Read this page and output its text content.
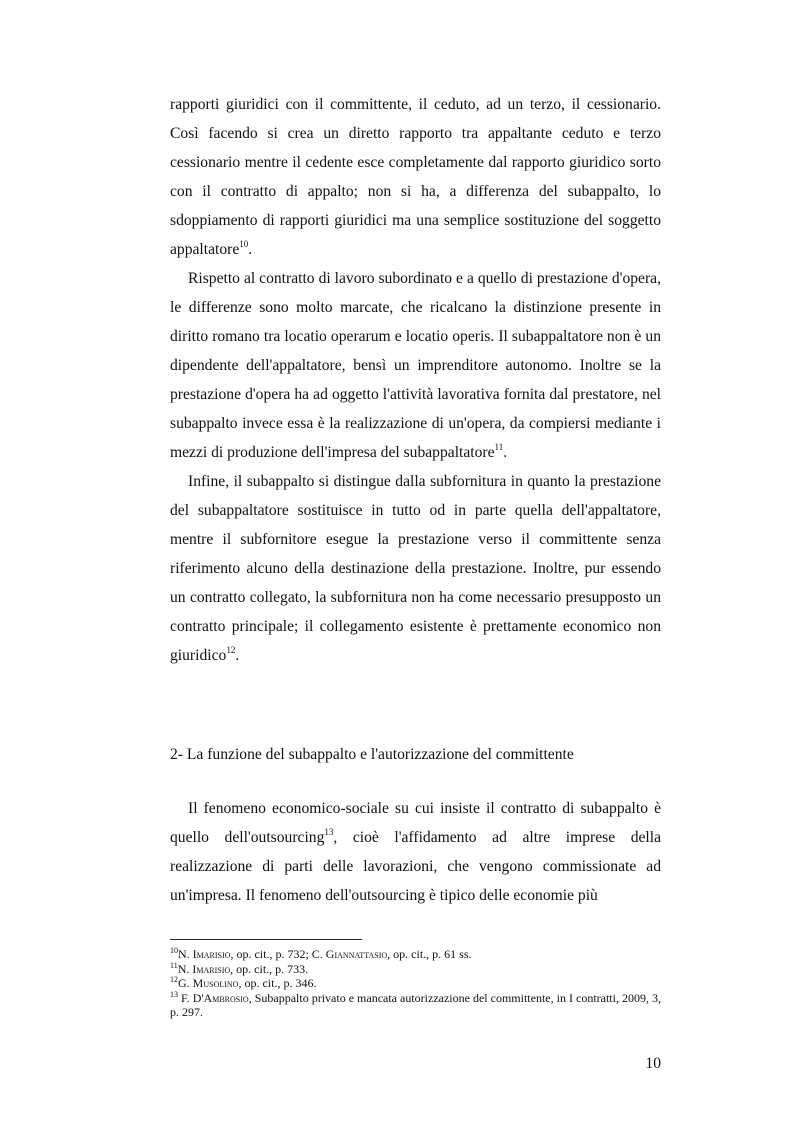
rapporti giuridici con il committente, il ceduto, ad un terzo, il cessionario. Così facendo si crea un diretto rapporto tra appaltante ceduto e terzo cessionario mentre il cedente esce completamente dal rapporto giuridico sorto con il contratto di appalto; non si ha, a differenza del subappalto, lo sdoppiamento di rapporti giuridici ma una semplice sostituzione del soggetto appaltatore$^{10}$.

Rispetto al contratto di lavoro subordinato e a quello di prestazione d'opera, le differenze sono molto marcate, che ricalcano la distinzione presente in diritto romano tra locatio operarum e locatio operis. Il subappaltatore non è un dipendente dell'appaltatore, bensì un imprenditore autonomo. Inoltre se la prestazione d'opera ha ad oggetto l'attività lavorativa fornita dal prestatore, nel subappalto invece essa è la realizzazione di un'opera, da compiersi mediante i mezzi di produzione dell'impresa del subappaltatore$^{11}$.

Infine, il subappalto si distingue dalla subfornitura in quanto la prestazione del subappaltatore sostituisce in tutto od in parte quella dell'appaltatore, mentre il subfornitore esegue la prestazione verso il committente senza riferimento alcuno della destinazione della prestazione. Inoltre, pur essendo un contratto collegato, la subfornitura non ha come necessario presupposto un contratto principale; il collegamento esistente è prettamente economico non giuridico$^{12}$.

2- La funzione del subappalto e l'autorizzazione del committente

Il fenomeno economico-sociale su cui insiste il contratto di subappalto è quello dell'outsourcing$^{13}$, cioè l'affidamento ad altre imprese della realizzazione di parti delle lavorazioni, che vengono commissionate ad un'impresa. Il fenomeno dell'outsourcing è tipico delle economie più

$^{10}$N. Imarisio, op. cit., p. 732; C. Giannattasio, op. cit., p. 61 ss.

$^{11}$N. Imarisio, op. cit., p. 733.

$^{12}$G. Musolino, op. cit., p. 346.

$^{13}$ F. D'Ambrosio, Subappalto privato e mancata autorizzazione del committente, in I contratti, 2009, 3, p. 297.

10
